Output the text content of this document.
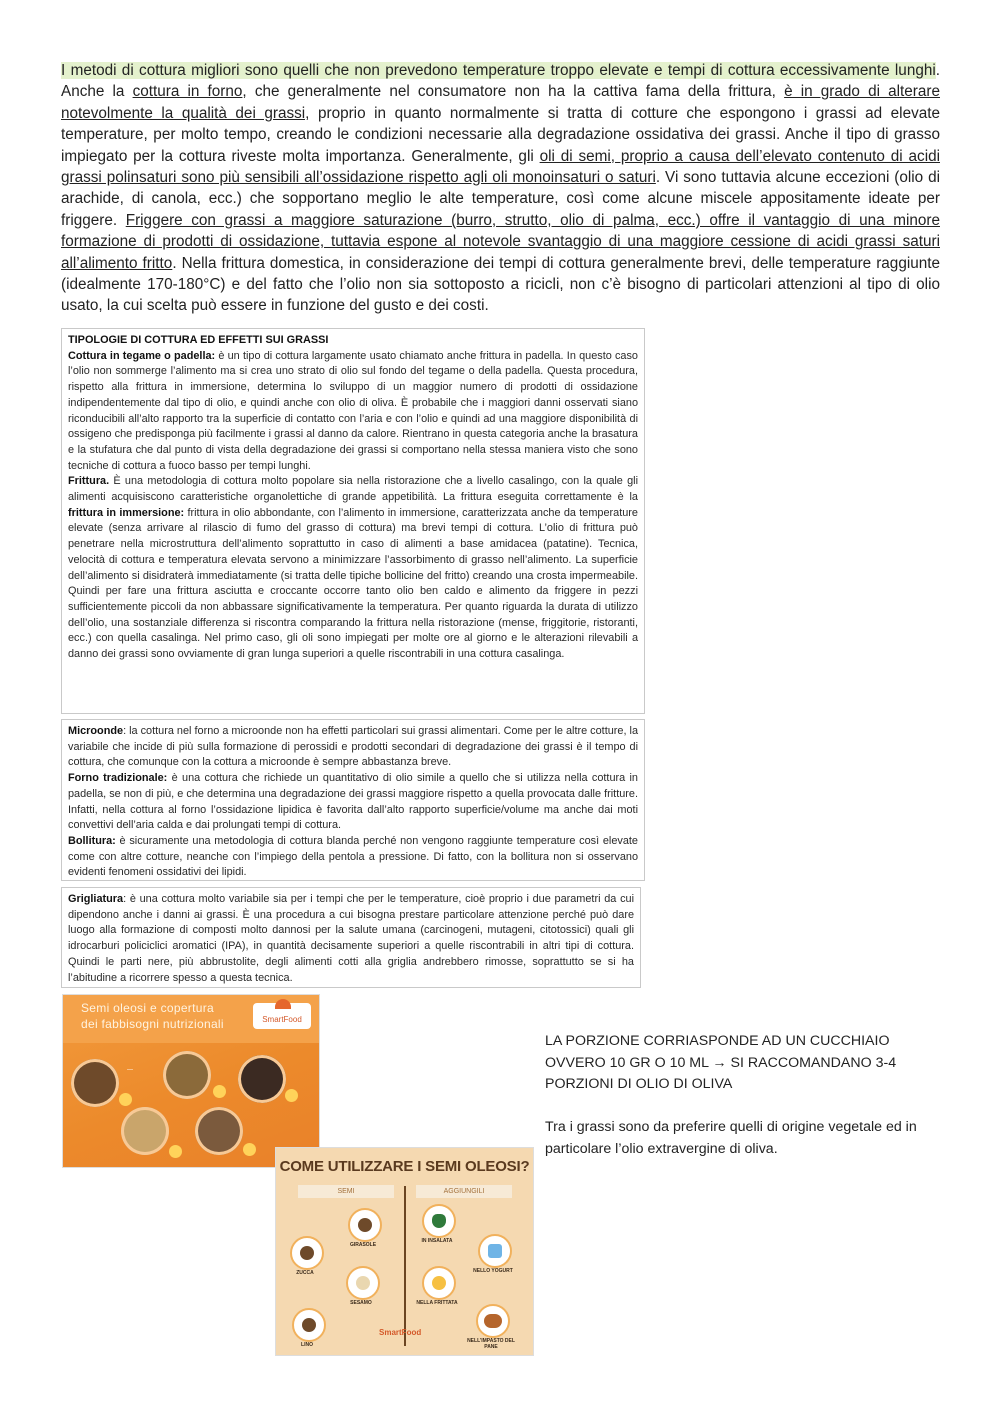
I metodi di cottura migliori sono quelli che non prevedono temperature troppo elevate e tempi di cottura eccessivamente lunghi. Anche la cottura in forno, che generalmente nel consumatore non ha la cattiva fama della frittura, è in grado di alterare notevolmente la qualità dei grassi, proprio in quanto normalmente si tratta di cotture che espongono i grassi ad elevate temperature, per molto tempo, creando le condizioni necessarie alla degradazione ossidativa dei grassi. Anche il tipo di grasso impiegato per la cottura riveste molta importanza. Generalmente, gli oli di semi, proprio a causa dell’elevato contenuto di acidi grassi polinsaturi sono più sensibili all’ossidazione rispetto agli oli monoinsaturi o saturi. Vi sono tuttavia alcune eccezioni (olio di arachide, di canola, ecc.) che sopportano meglio le alte temperature, così come alcune miscele appositamente ideate per friggere. Friggere con grassi a maggiore saturazione (burro, strutto, olio di palma, ecc.) offre il vantaggio di una minore formazione di prodotti di ossidazione, tuttavia espone al notevole svantaggio di una maggiore cessione di acidi grassi saturi all’alimento fritto. Nella frittura domestica, in considerazione dei tempi di cottura generalmente brevi, delle temperature raggiunte (idealmente 170-180°C) e del fatto che l’olio non sia sottoposto a ricicli, non c’è bisogno di particolari attenzioni al tipo di olio usato, la cui scelta può essere in funzione del gusto e dei costi.

TIPOLOGIE DI COTTURA ED EFFETTI SUI GRASSI
Cottura in tegame o padella: è un tipo di cottura largamente usato chiamato anche frittura in padella. In questo caso l’olio non sommerge l’alimento ma si crea uno strato di olio sul fondo del tegame o della padella. Questa procedura, rispetto alla frittura in immersione, determina lo sviluppo di un maggior numero di prodotti di ossidazione indipendentemente dal tipo di olio, e quindi anche con olio di oliva. È probabile che i maggiori danni osservati siano riconducibili all’alto rapporto tra la superficie di contatto con l’aria e con l’olio e quindi ad una maggiore disponibilità di ossigeno che predisponga più facilmente i grassi al danno da calore. Rientrano in questa categoria anche la brasatura e la stufatura che dal punto di vista della degradazione dei grassi si comportano nella stessa maniera visto che sono tecniche di cottura a fuoco basso per tempi lunghi.
Frittura. È una metodologia di cottura molto popolare sia nella ristorazione che a livello casalingo, con la quale gli alimenti acquisiscono caratteristiche organolettiche di grande appetibilità. La frittura eseguita correttamente è la frittura in immersione: frittura in olio abbondante, con l’alimento in immersione, caratterizzata anche da temperature elevate (senza arrivare al rilascio di fumo del grasso di cottura) ma brevi tempi di cottura. L’olio di frittura può penetrare nella microstruttura dell’alimento soprattutto in caso di alimenti a base amidacea (patatine). Tecnica, velocità di cottura e temperatura elevata servono a minimizzare l’assorbimento di grasso nell’alimento. La superficie dell’alimento si disidraterà immediatamente (si tratta delle tipiche bollicine del fritto) creando una crosta impermeabile. Quindi per fare una frittura asciutta e croccante occorre tanto olio ben caldo e alimento da friggere in pezzi sufficientemente piccoli da non abbassare significativamente la temperatura. Per quanto riguarda la durata di utilizzo dell’olio, una sostanziale differenza si riscontra comparando la frittura nella ristorazione (mense, friggitorie, ristoranti, ecc.) con quella casalinga. Nel primo caso, gli oli sono impiegati per molte ore al giorno e le alterazioni rilevabili a danno dei grassi sono ovviamente di gran lunga superiori a quelle riscontrabili in una cottura casalinga.
Microonde: la cottura nel forno a microonde non ha effetti particolari sui grassi alimentari. Come per le altre cotture, la variabile che incide di più sulla formazione di perossidi e prodotti secondari di degradazione dei grassi è il tempo di cottura, che comunque con la cottura a microonde è sempre abbastanza breve.
Forno tradizionale: è una cottura che richiede un quantitativo di olio simile a quello che si utilizza nella cottura in padella, se non di più, e che determina una degradazione dei grassi maggiore rispetto a quella provocata dalle fritture. Infatti, nella cottura al forno l’ossidazione lipidica è favorita dall’alto rapporto superficie/volume ma anche dai moti convettivi dell’aria calda e dai prolungati tempi di cottura.
Bollitura: è sicuramente una metodologia di cottura blanda perché non vengono raggiunte temperature così elevate come con altre cotture, neanche con l’impiego della pentola a pressione. Di fatto, con la bollitura non si osservano evidenti fenomeni ossidativi dei lipidi.
Grigliatura: è una cottura molto variabile sia per i tempi che per le temperature, cioè proprio i due parametri da cui dipendono anche i danni ai grassi. È una procedura a cui bisogna prestare particolare attenzione perché può dare luogo alla formazione di composti molto dannosi per la salute umana (carcinogeni, mutageni, citotossici) quali gli idrocarburi policiclici aromatici (IPA), in quantità decisamente superiori a quelle riscontrabili in altri tipi di cottura. Quindi le parti nere, più abbrustolite, degli alimenti cotti alla griglia andrebbero rimosse, soprattutto se si ha l’abitudine a ricorrere spesso a questa tecnica.
Semi oleosi e copertura
dei fabbisogni nutrizionali	SmartFood
—
COME UTILIZZARE I SEMI OLEOSI?
SEMI	AGGIUNGILI
GIRASOLE
ZUCCA
SESAMO
LINO
IN INSALATA
NELLO YOGURT
NELLA FRITTATA
NELL’IMPASTO DEL PANE
SmartFood

LA PORZIONE CORRIASPONDE AD UN CUCCHIAIO OVVERO 10 GR O 10 ML → SI RACCOMANDANO 3-4 PORZIONI DI OLIO DI OLIVA

Tra i grassi sono da preferire quelli di origine vegetale ed in particolare l’olio extravergine di oliva.
